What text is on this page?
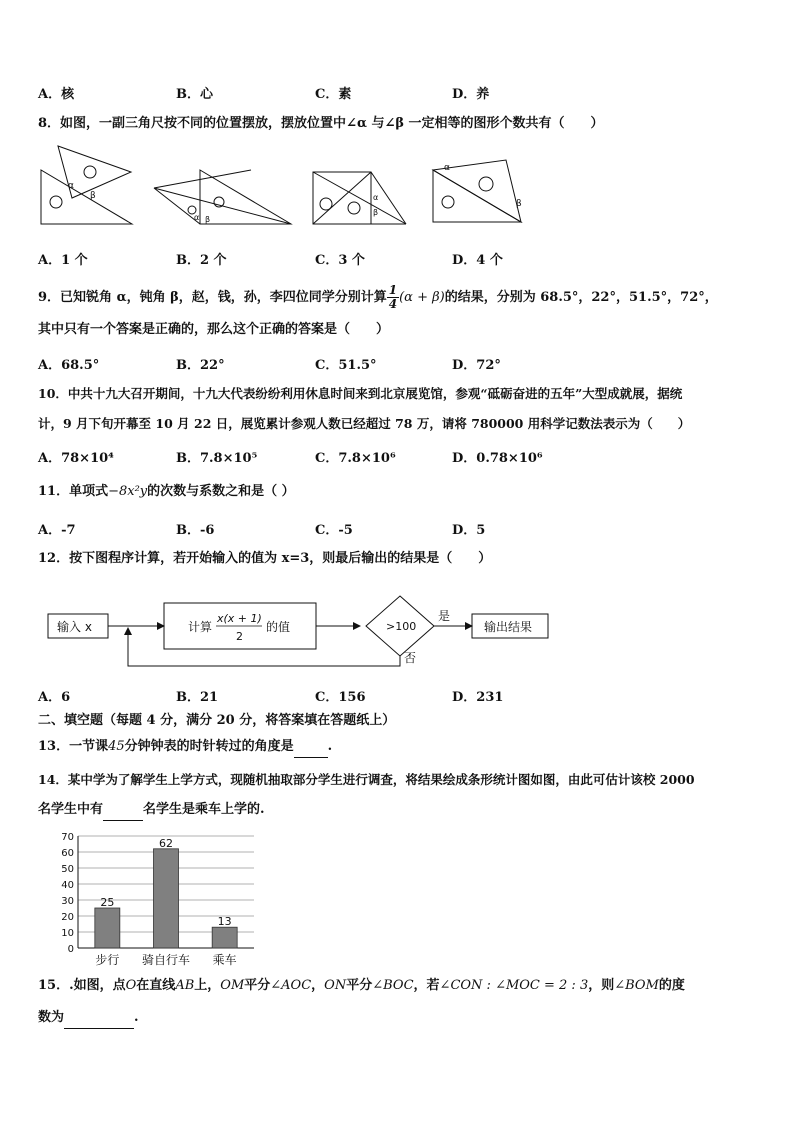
A．核	B．心	C．素	D．养
8．如图，一副三角尺按不同的位置摆放，摆放位置中∠α 与∠β 一定相等的图形个数共有（　　）
α
β
α β
α
β
α
β
A．1 个	B．2 个	C．3 个	D．4 个
9．已知锐角 α，钝角 β，赵，钱，孙，李四位同学分别计算 $\frac{1}{4} (\alpha + \beta)$的结果，分别为 68.5°，22°，51.5°，72°，
其中只有一个答案是正确的，那么这个正确的答案是（　　）
A．68.5°	B．22°	C．51.5°	D．72°
10．中共十九大召开期间，十九大代表纷纷利用休息时间来到北京展览馆，参观“砥砺奋进的五年”大型成就展，据统
计，9 月下旬开幕至 10 月 22 日，展览累计参观人数已经超过 78 万，请将 780000 用科学记数法表示为（　　）
A．78×10⁴	B．7.8×10⁵	C．7.8×10⁶	D．0.78×10⁶
11．单项式−8x²y的次数与系数之和是（ ）
A．-7	B．-6	C．-5	D．5
12．按下图程序计算，若开始输入的值为 x=3，则最后输出的结果是（　　）
输入 x	计算
x(x + 1)
2
的值	>100
是
否
输出结果
A．6	B．21	C．156	D．231
二、填空题（每题 4 分，满分 20 分，将答案填在答题纸上）
13．一节课45分钟钟表的时针转过的角度是	.
14．某中学为了解学生上学方式，现随机抽取部分学生进行调查，将结果绘成条形统计图如图，由此可估计该校 2000
名学生中有	名学生是乘车上学的.
0
10
20
30
40
50
60
70
25
步行
62
骑自行车
13
乘车
15．.如图，点O在直线AB上，OM平分∠AOC，ON平分∠BOC，若∠CON : ∠MOC = 2 : 3，则∠BOM的度
数为	.
